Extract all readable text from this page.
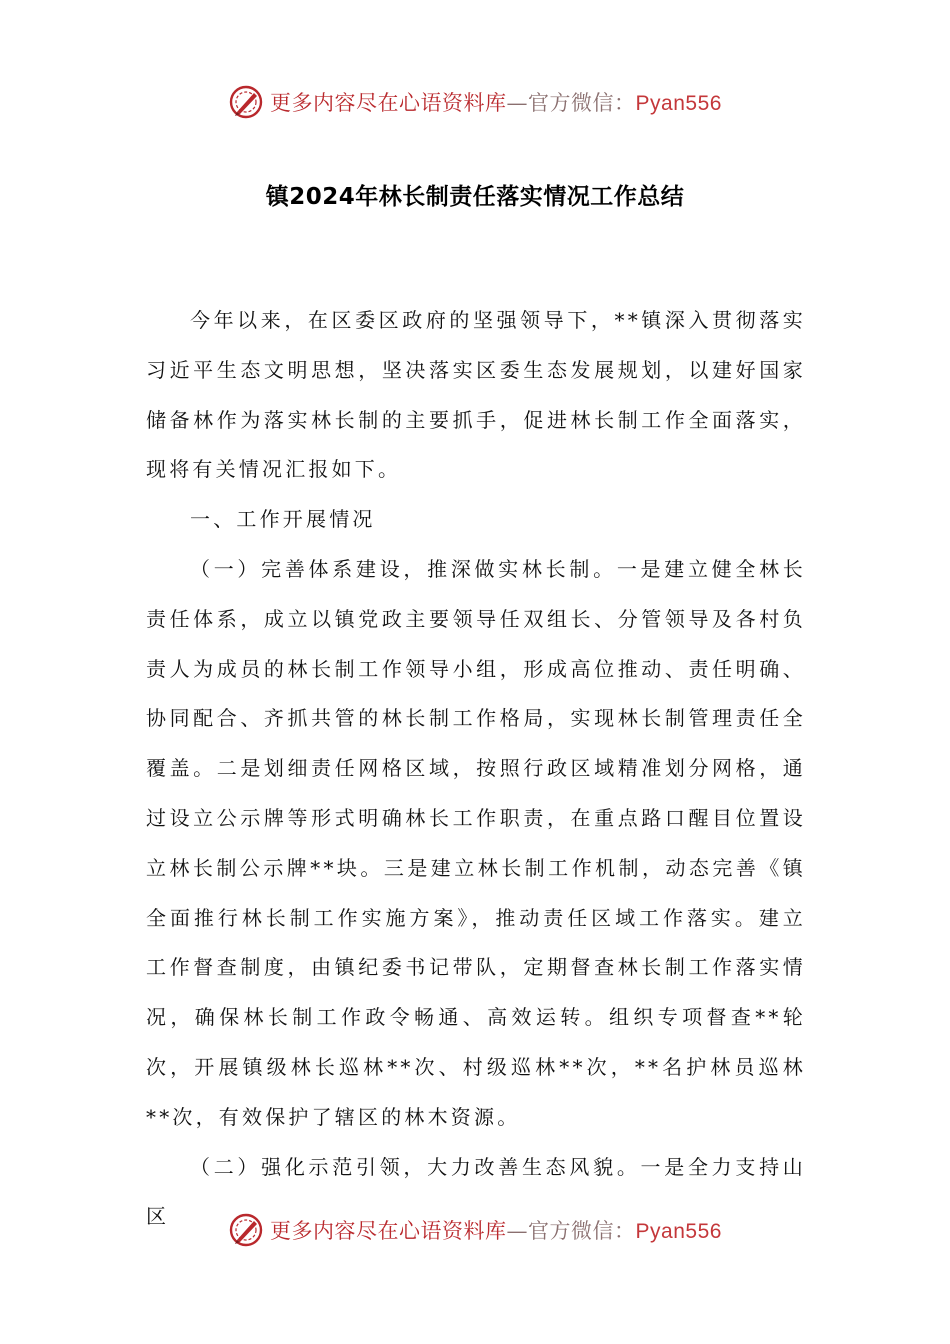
更多内容尽在心语资料库—官方微信：Pyan556
镇2024年林长制责任落实情况工作总结

今年以来，在区委区政府的坚强领导下，**镇深入贯彻落实习近平生态文明思想，坚决落实区委生态发展规划，以建好国家储备林作为落实林长制的主要抓手，促进林长制工作全面落实，现将有关情况汇报如下。

一、工作开展情况

（一）完善体系建设，推深做实林长制。一是建立健全林长责任体系，成立以镇党政主要领导任双组长、分管领导及各村负责人为成员的林长制工作领导小组，形成高位推动、责任明确、协同配合、齐抓共管的林长制工作格局，实现林长制管理责任全覆盖。二是划细责任网格区域，按照行政区域精准划分网格，通过设立公示牌等形式明确林长工作职责，在重点路口醒目位置设立林长制公示牌**块。三是建立林长制工作机制，动态完善《镇全面推行林长制工作实施方案》，推动责任区域工作落实。建立工作督查制度，由镇纪委书记带队，定期督查林长制工作落实情况，确保林长制工作政令畅通、高效运转。组织专项督查**轮次，开展镇级林长巡林**次、村级巡林**次，**名护林员巡林**次，有效保护了辖区的林木资源。

（二）强化示范引领，大力改善生态风貌。一是全力支持山区

更多内容尽在心语资料库—官方微信：Pyan556
